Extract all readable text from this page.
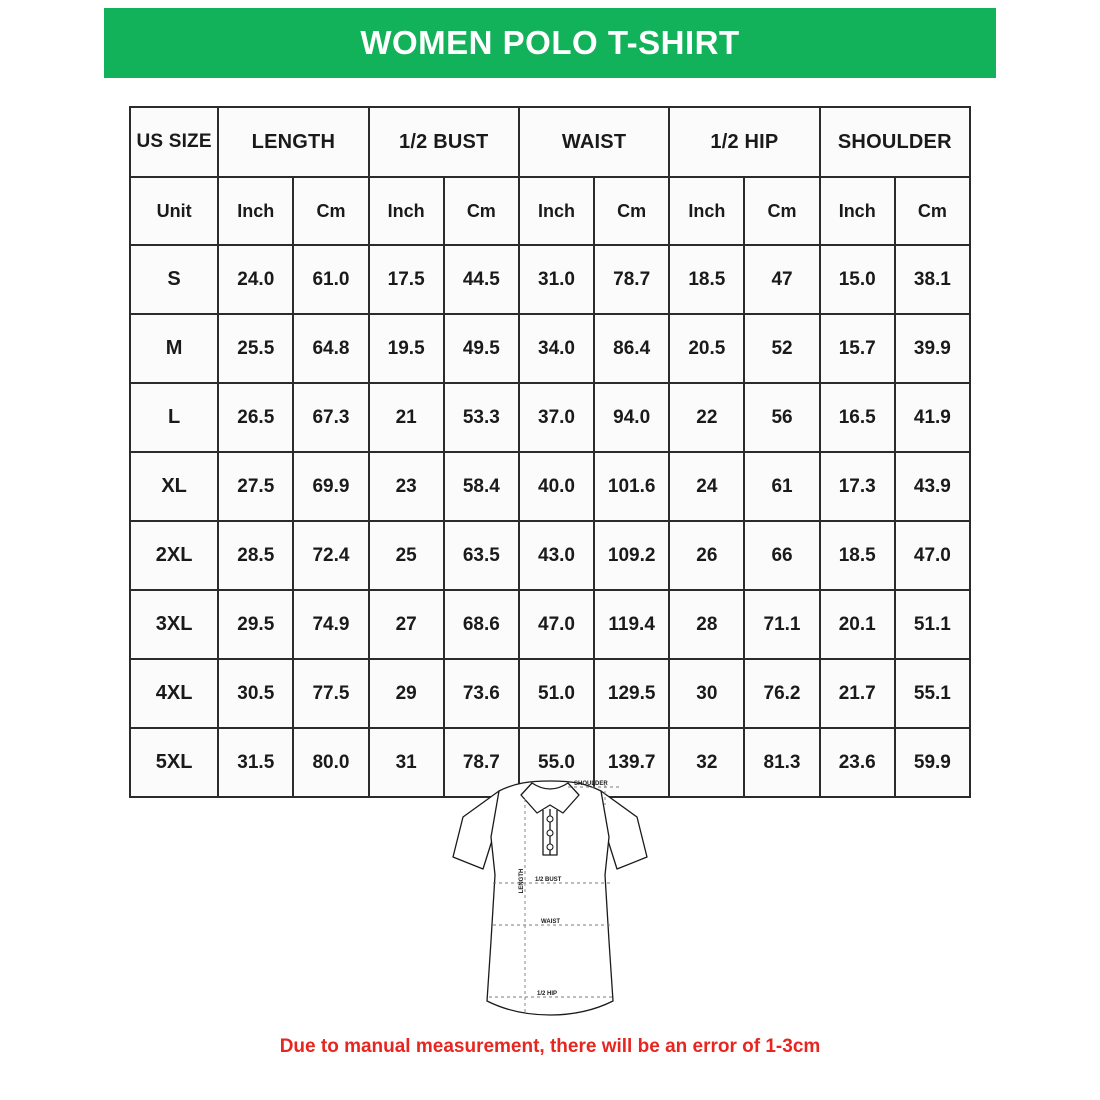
WOMEN POLO T-SHIRT
US SIZE	LENGTH		1/2 BUST		WAIST		1/2 HIP		SHOULDER	
Unit	Inch	Cm	Inch	Cm	Inch	Cm	Inch	Cm	Inch	Cm
S	24.0	61.0	17.5	44.5	31.0	78.7	18.5	47	15.0	38.1
M	25.5	64.8	19.5	49.5	34.0	86.4	20.5	52	15.7	39.9
L	26.5	67.3	21	53.3	37.0	94.0	22	56	16.5	41.9
XL	27.5	69.9	23	58.4	40.0	101.6	24	61	17.3	43.9
2XL	28.5	72.4	25	63.5	43.0	109.2	26	66	18.5	47.0
3XL	29.5	74.9	27	68.6	47.0	119.4	28	71.1	20.1	51.1
4XL	30.5	77.5	29	73.6	51.0	129.5	30	76.2	21.7	55.1
5XL	31.5	80.0	31	78.7	55.0	139.7	32	81.3	23.6	59.9
SHOULDER
LENGTH 1/2 BUST
WAIST
1/2 HIP
Due to manual measurement, there will be an error of 1-3cm
